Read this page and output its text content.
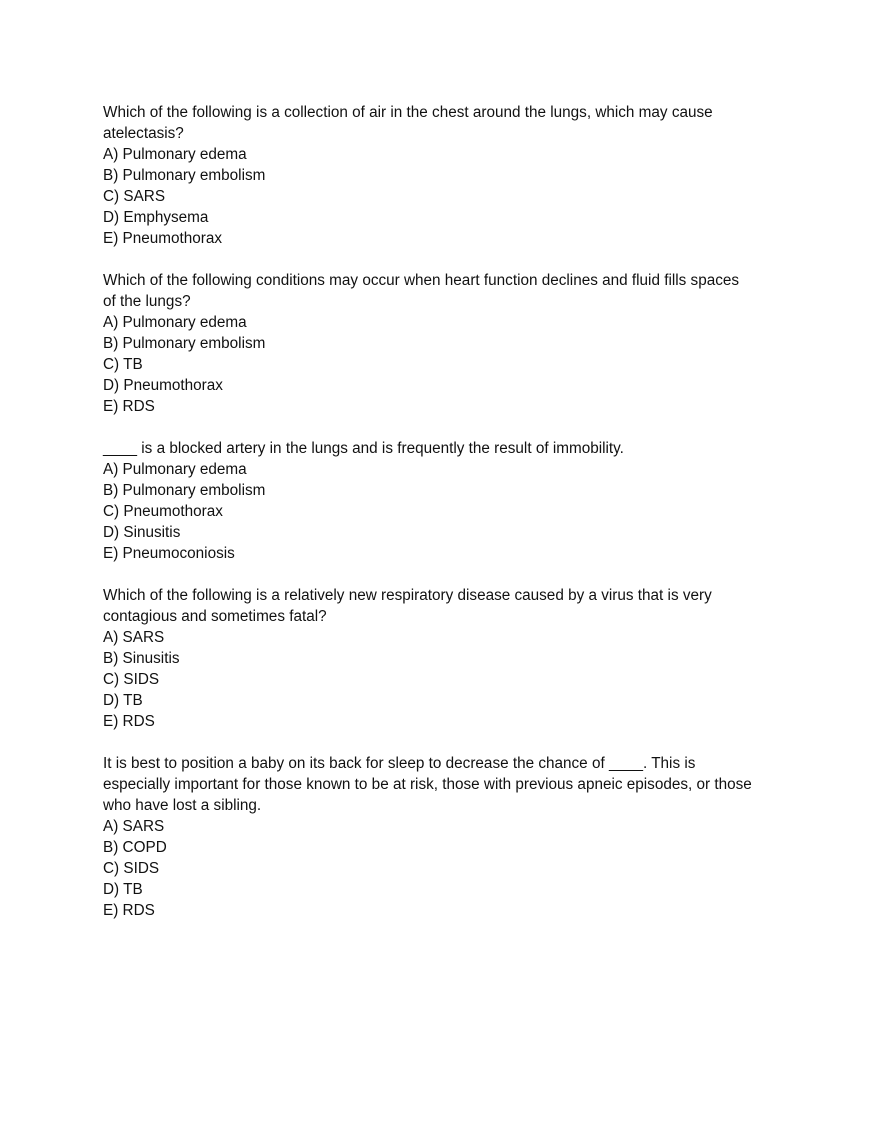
Which of the following is a collection of air in the chest around the lungs, which may cause
atelectasis?
A) Pulmonary edema
B) Pulmonary embolism
C) SARS
D) Emphysema
E) Pneumothorax
Which of the following conditions may occur when heart function declines and fluid fills spaces
of the lungs?
A) Pulmonary edema
B) Pulmonary embolism
C) TB
D) Pneumothorax
E) RDS
____ is a blocked artery in the lungs and is frequently the result of immobility.
A) Pulmonary edema
B) Pulmonary embolism
C) Pneumothorax
D) Sinusitis
E) Pneumoconiosis
Which of the following is a relatively new respiratory disease caused by a virus that is very
contagious and sometimes fatal?
A) SARS
B) Sinusitis
C) SIDS
D) TB
E) RDS
It is best to position a baby on its back for sleep to decrease the chance of ____. This is
especially important for those known to be at risk, those with previous apneic episodes, or those
who have lost a sibling.
A) SARS
B) COPD
C) SIDS
D) TB
E) RDS
